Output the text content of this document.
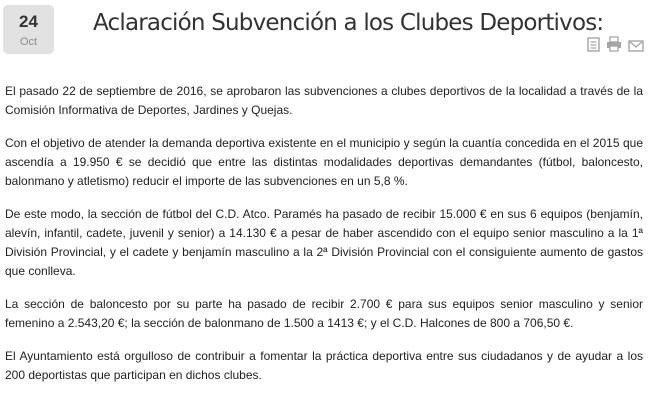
24
Oct
Aclaración Subvención a los Clubes Deportivos:

El pasado 22 de septiembre de 2016, se aprobaron las subvenciones a clubes deportivos de la localidad a través de la Comisión Informativa de Deportes, Jardines y Quejas.

Con el objetivo de atender la demanda deportiva existente en el municipio y según la cuantía concedida en el 2015 que ascendía a 19.950 € se decidió que entre las distintas modalidades deportivas demandantes (fútbol, baloncesto, balonmano y atletismo) reducir el importe de las subvenciones en un 5,8 %.

De este modo, la sección de fútbol del C.D. Atco. Paramés ha pasado de recibir 15.000 € en sus 6 equipos (benjamín, alevín, infantil, cadete, juvenil y senior) a 14.130 € a pesar de haber ascendido con el equipo senior masculino a la 1ª División Provincial, y el cadete y benjamín masculino a la 2ª División Provincial con el consiguiente aumento de gastos que conlleva.

La sección de baloncesto por su parte ha pasado de recibir 2.700 € para sus equipos senior masculino y senior femenino a 2.543,20 €; la sección de balonmano de 1.500 a 1413 €; y el C.D. Halcones de 800 a 706,50 €.

El Ayuntamiento está orgulloso de contribuir a fomentar la práctica deportiva entre sus ciudadanos y de ayudar a los 200 deportistas que participan en dichos clubes.
